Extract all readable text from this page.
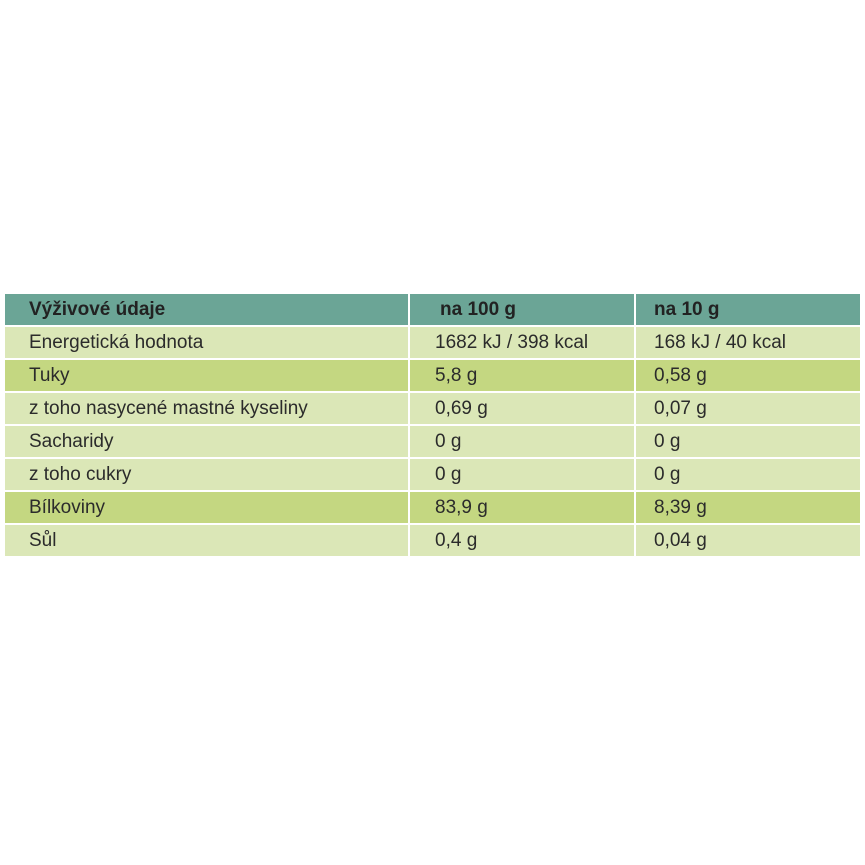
Výživové údaje	na 100 g	na 10 g
Energetická hodnota	1682 kJ / 398 kcal	168 kJ / 40 kcal
Tuky	5,8 g	0,58 g
z toho nasycené mastné kyseliny	0,69 g	0,07 g
Sacharidy	0 g	0 g
z toho cukry	0 g	0 g
Bílkoviny	83,9 g	8,39 g
Sůl	0,4 g	0,04 g
